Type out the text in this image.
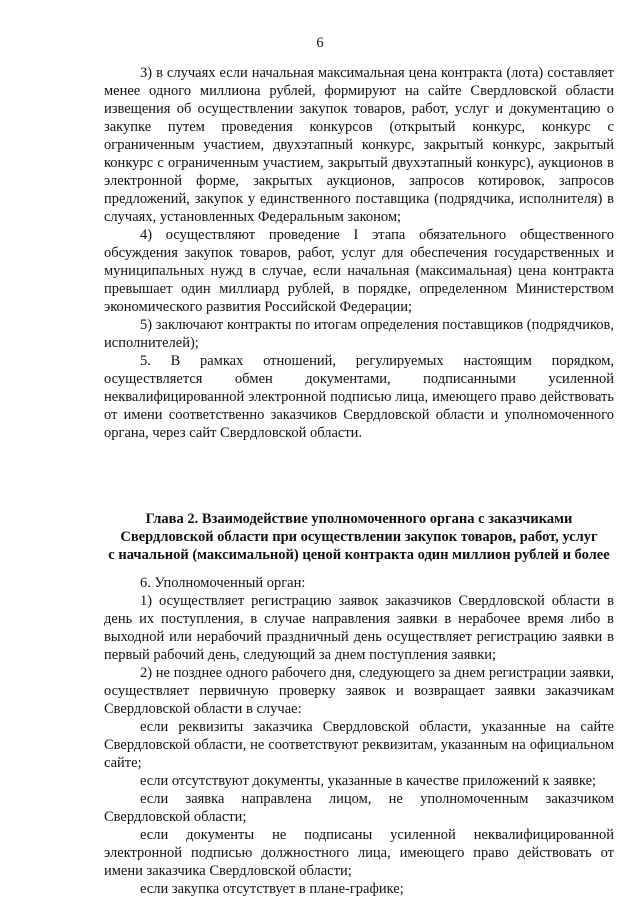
6

3) в случаях если начальная максимальная цена контракта (лота) составляет менее одного миллиона рублей, формируют на сайте Свердловской области извещения об осуществлении закупок товаров, работ, услуг и документацию о закупке путем проведения конкурсов (открытый конкурс, конкурс с ограниченным участием, двухэтапный конкурс, закрытый конкурс, закрытый конкурс с ограниченным участием, закрытый двухэтапный конкурс), аукционов в электронной форме, закрытых аукционов, запросов котировок, запросов предложений, закупок у единственного поставщика (подрядчика, исполнителя) в случаях, установленных Федеральным законом;

4) осуществляют проведение I этапа обязательного общественного обсуждения закупок товаров, работ, услуг для обеспечения государственных и муниципальных нужд в случае, если начальная (максимальная) цена контракта превышает один миллиард рублей, в порядке, определенном Министерством экономического развития Российской Федерации;

5) заключают контракты по итогам определения поставщиков (подрядчиков, исполнителей);

5. В рамках отношений, регулируемых настоящим порядком, осуществляется обмен документами, подписанными усиленной неквалифицированной электронной подписью лица, имеющего право действовать от имени соответственно заказчиков Свердловской области и уполномоченного органа, через сайт Свердловской области.

Глава 2. Взаимодействие уполномоченного органа с заказчиками
Свердловской области при осуществлении закупок товаров, работ, услуг
с начальной (максимальной) ценой контракта один миллион рублей и более

6. Уполномоченный орган:

1) осуществляет регистрацию заявок заказчиков Свердловской области в день их поступления, в случае направления заявки в нерабочее время либо в выходной или нерабочий праздничный день осуществляет регистрацию заявки в первый рабочий день, следующий за днем поступления заявки;

2) не позднее одного рабочего дня, следующего за днем регистрации заявки, осуществляет первичную проверку заявок и возвращает заявки заказчикам Свердловской области в случае:

если реквизиты заказчика Свердловской области, указанные на сайте Свердловской области, не соответствуют реквизитам, указанным на официальном сайте;

если отсутствуют документы, указанные в качестве приложений к заявке;

если заявка направлена лицом, не уполномоченным заказчиком Свердловской области;

если документы не подписаны усиленной неквалифицированной электронной подписью должностного лица, имеющего право действовать от имени заказчика Свердловской области;

если закупка отсутствует в плане-графике;
